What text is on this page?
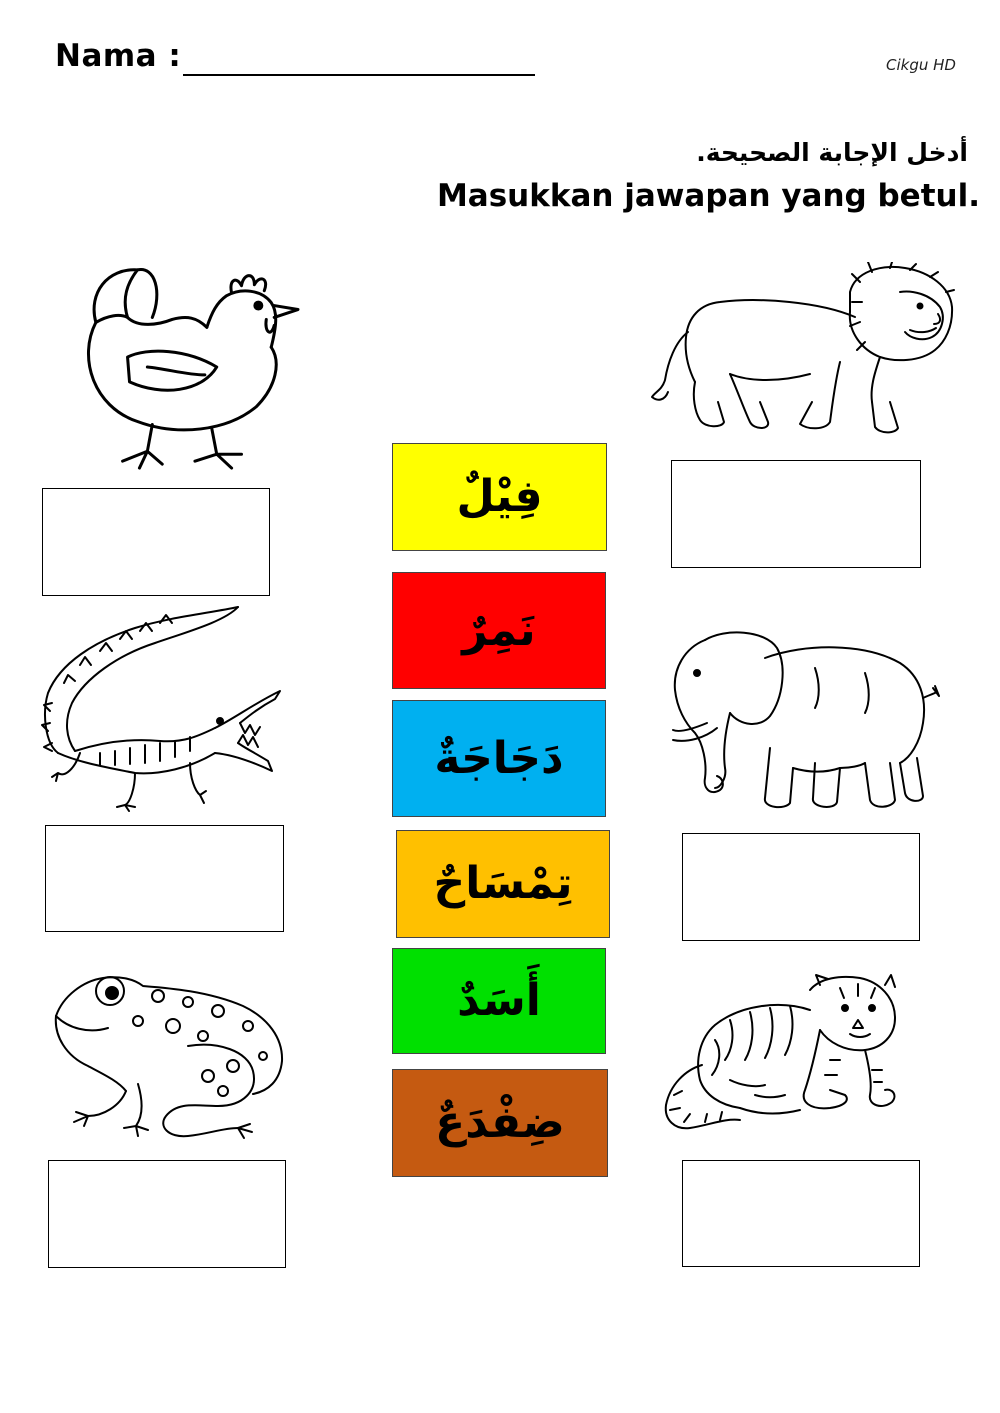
Nama :	Cikgu HD
أدخل الإجابة الصحيحة.
Masukkan jawapan yang betul.
فِيْلٌ
نَمِرٌ
دَجَاجَةٌ
تِمْسَاحٌ
أَسَدٌ
ضِفْدَعٌ
